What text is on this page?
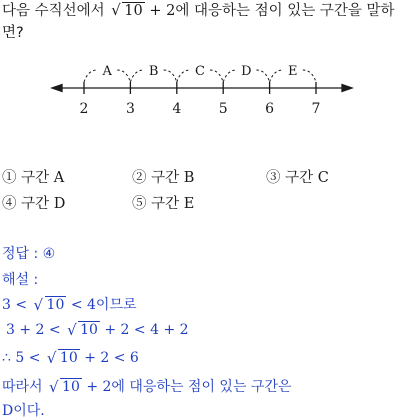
다음 수직선에서 √ 10 + 2에 대응하는 점이 있는 구간을 말하
면?
2	3	4	5	6	7
A	B	C	D	E
① 구간 A	② 구간 B	③ 구간 C
④ 구간 D	⑤ 구간 E
정답 : ④
해설 :
3 < √ 10 < 4이므로
3 + 2 < √ 10 + 2 < 4 + 2
∴ 5 < √ 10 + 2 < 6
따라서 √ 10 + 2에 대응하는 점이 있는 구간은
D이다.
